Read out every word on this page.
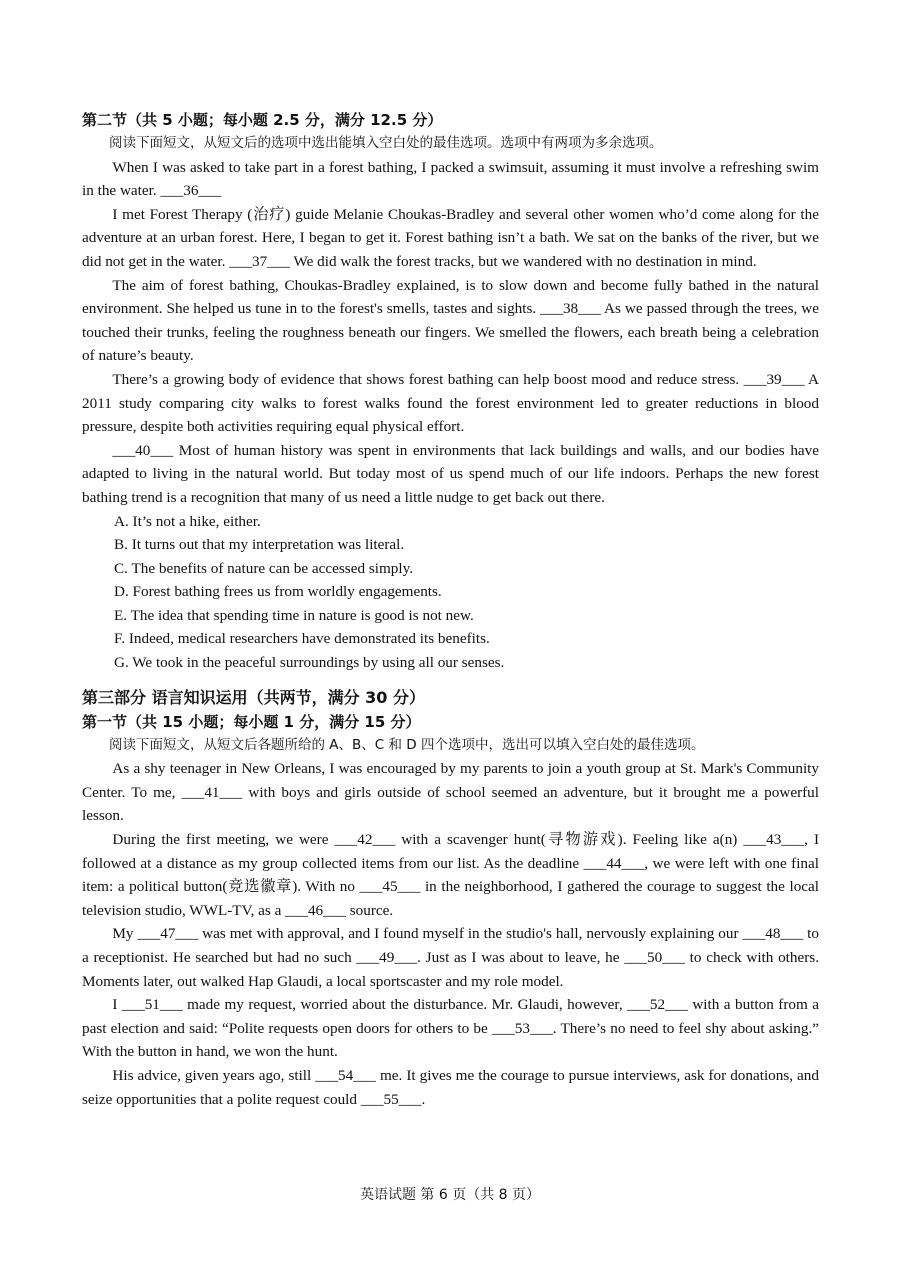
第二节（共 5 小题；每小题 2.5 分，满分 12.5 分）

阅读下面短文，从短文后的选项中选出能填入空白处的最佳选项。选项中有两项为多余选项。

When I was asked to take part in a forest bathing, I packed a swimsuit, assuming it must involve a refreshing swim in the water. ___36___

I met Forest Therapy (治疗) guide Melanie Choukas-Bradley and several other women who’d come along for the adventure at an urban forest. Here, I began to get it. Forest bathing isn’t a bath. We sat on the banks of the river, but we did not get in the water. ___37___ We did walk the forest tracks, but we wandered with no destination in mind.

The aim of forest bathing, Choukas-Bradley explained, is to slow down and become fully bathed in the natural environment. She helped us tune in to the forest's smells, tastes and sights. ___38___ As we passed through the trees, we touched their trunks, feeling the roughness beneath our fingers. We smelled the flowers, each breath being a celebration of nature’s beauty.

There’s a growing body of evidence that shows forest bathing can help boost mood and reduce stress. ___39___ A 2011 study comparing city walks to forest walks found the forest environment led to greater reductions in blood pressure, despite both activities requiring equal physical effort.

___40___ Most of human history was spent in environments that lack buildings and walls, and our bodies have adapted to living in the natural world. But today most of us spend much of our life indoors. Perhaps the new forest bathing trend is a recognition that many of us need a little nudge to get back out there.

A. It’s not a hike, either.

B. It turns out that my interpretation was literal.

C. The benefits of nature can be accessed simply.

D. Forest bathing frees us from worldly engagements.

E. The idea that spending time in nature is good is not new.

F. Indeed, medical researchers have demonstrated its benefits.

G. We took in the peaceful surroundings by using all our senses.

第三部分 语言知识运用（共两节，满分 30 分）

第一节（共 15 小题；每小题 1 分，满分 15 分）

阅读下面短文，从短文后各题所给的 A、B、C 和 D 四个选项中，选出可以填入空白处的最佳选项。

As a shy teenager in New Orleans, I was encouraged by my parents to join a youth group at St. Mark's Community Center. To me, ___41___ with boys and girls outside of school seemed an adventure, but it brought me a powerful lesson.

During the first meeting, we were ___42___ with a scavenger hunt(寻物游戏). Feeling like a(n) ___43___, I followed at a distance as my group collected items from our list. As the deadline ___44___, we were left with one final item: a political button(竞选徽章). With no ___45___ in the neighborhood, I gathered the courage to suggest the local television studio, WWL-TV, as a ___46___ source.

My ___47___ was met with approval, and I found myself in the studio's hall, nervously explaining our ___48___ to a receptionist. He searched but had no such ___49___. Just as I was about to leave, he ___50___ to check with others. Moments later, out walked Hap Glaudi, a local sportscaster and my role model.

I ___51___ made my request, worried about the disturbance. Mr. Glaudi, however, ___52___ with a button from a past election and said: “Polite requests open doors for others to be ___53___. There’s no need to feel shy about asking.” With the button in hand, we won the hunt.

His advice, given years ago, still ___54___ me. It gives me the courage to pursue interviews, ask for donations, and seize opportunities that a polite request could ___55___.

英语试题 第 6 页（共 8 页）
